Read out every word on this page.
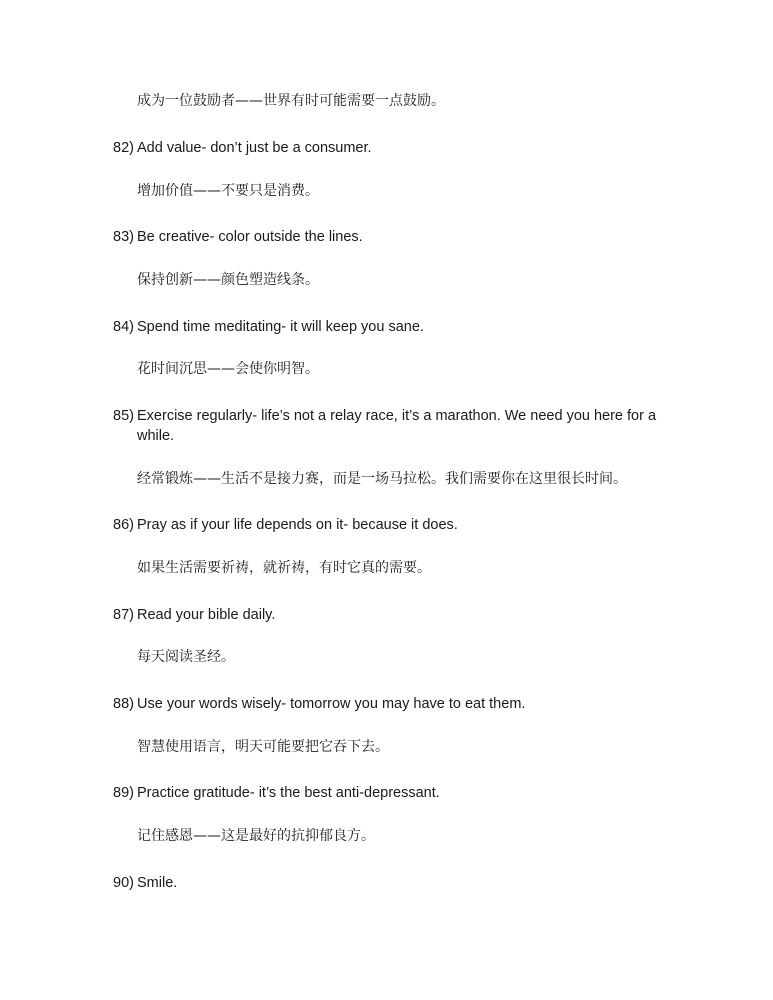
成为一位鼓励者——世界有时可能需要一点鼓励。
82) Add value- don’t just be a consumer.
增加价值——不要只是消费。
83) Be creative- color outside the lines.
保持创新——颜色塑造线条。
84) Spend time meditating- it will keep you sane.
花时间沉思——会使你明智。
85) Exercise regularly- life’s not a relay race, it’s a marathon. We need you here for a
while.
经常锻炼——生活不是接力赛，而是一场马拉松。我们需要你在这里很长时间。
86) Pray as if your life depends on it- because it does.
如果生活需要祈祷，就祈祷，有时它真的需要。
87) Read your bible daily.
每天阅读圣经。
88) Use your words wisely- tomorrow you may have to eat them.
智慧使用语言，明天可能要把它吞下去。
89) Practice gratitude- it’s the best anti-depressant.
记住感恩——这是最好的抗抑郁良方。
90) Smile.
